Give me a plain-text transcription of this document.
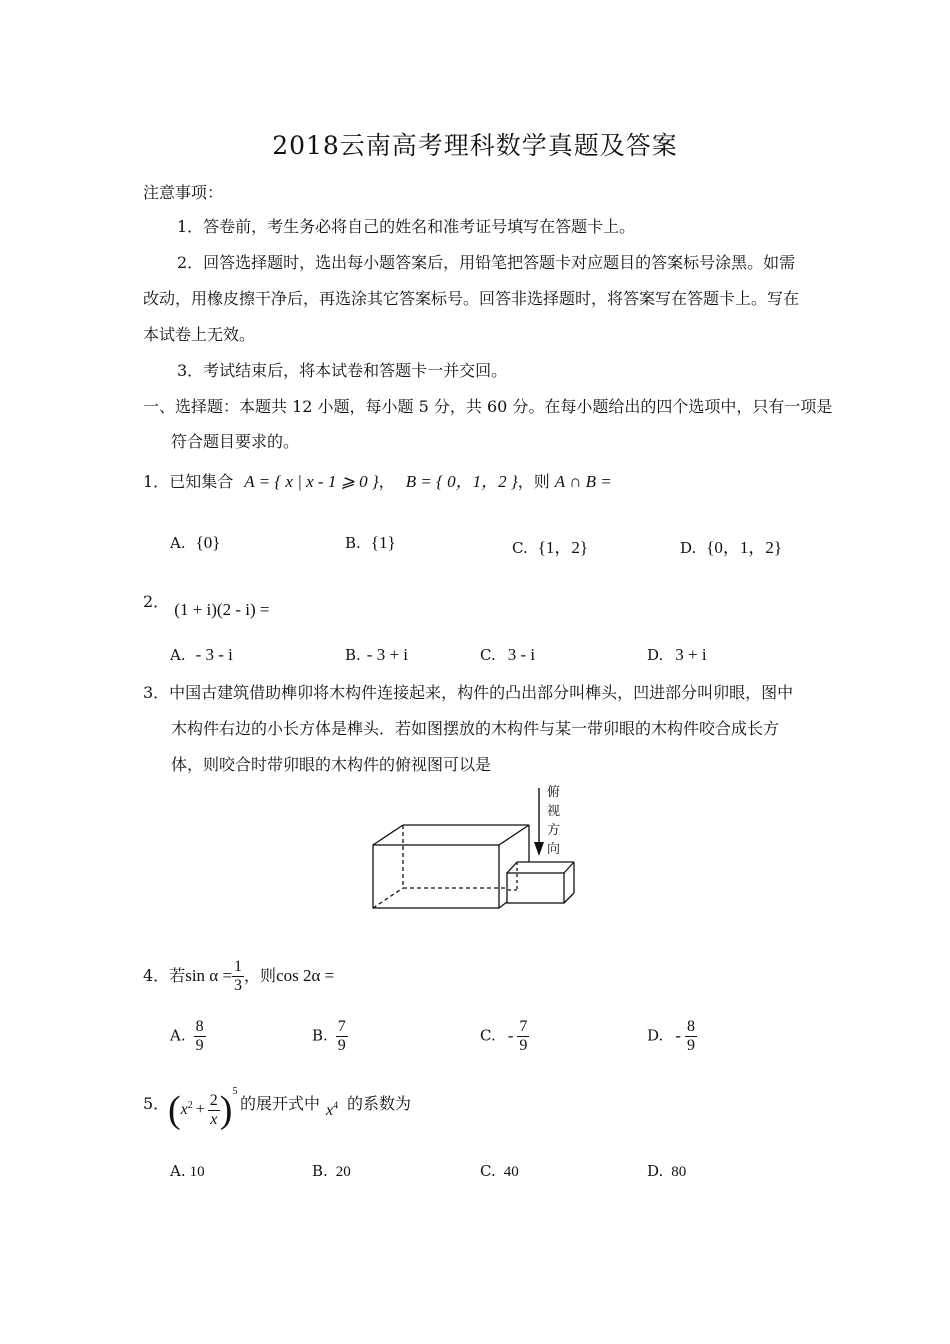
2018云南高考理科数学真题及答案
注意事项：
1．答卷前，考生务必将自己的姓名和准考证号填写在答题卡上。
2．回答选择题时，选出每小题答案后，用铅笔把答题卡对应题目的答案标号涂黑。如需
改动，用橡皮擦干净后，再选涂其它答案标号。回答非选择题时，将答案写在答题卡上。写在
本试卷上无效。
3．考试结束后，将本试卷和答题卡一并交回。
一、选择题：本题共 12 小题，每小题 5 分，共 60 分。在每小题给出的四个选项中，只有一项是
符合题目要求的。
1．已知集合 A = { x | x - 1 ⩾ 0 }， B = { 0，1，2 }，则 A ∩ B =
A. {0}	B. {1}	C. {1，2}	D. {0，1，2}
2． (1 + i)(2 - i) =
A. - 3 - i	B. - 3 + i	C. 3 - i	D. 3 + i
3．中国古建筑借助榫卯将木构件连接起来，构件的凸出部分叫榫头，凹进部分叫卯眼，图中
木构件右边的小长方体是榫头．若如图摆放的木构件与某一带卯眼的木构件咬合成长方
体，则咬合时带卯眼的木构件的俯视图可以是
俯
视
方
向
4．若$\sin \alpha = \frac{1}{3}$ ，则cos 2α =
A. $\frac{8}{9}$	B. $\frac{7}{9}$	C. - $\frac{7}{9}$	D. - $\frac{8}{9}$
5．
$(x^2 + \frac{2}{x} )^5$
的展开式中 $x^4$ 的系数为
A. 10	B. 20	C. 40	D. 80
